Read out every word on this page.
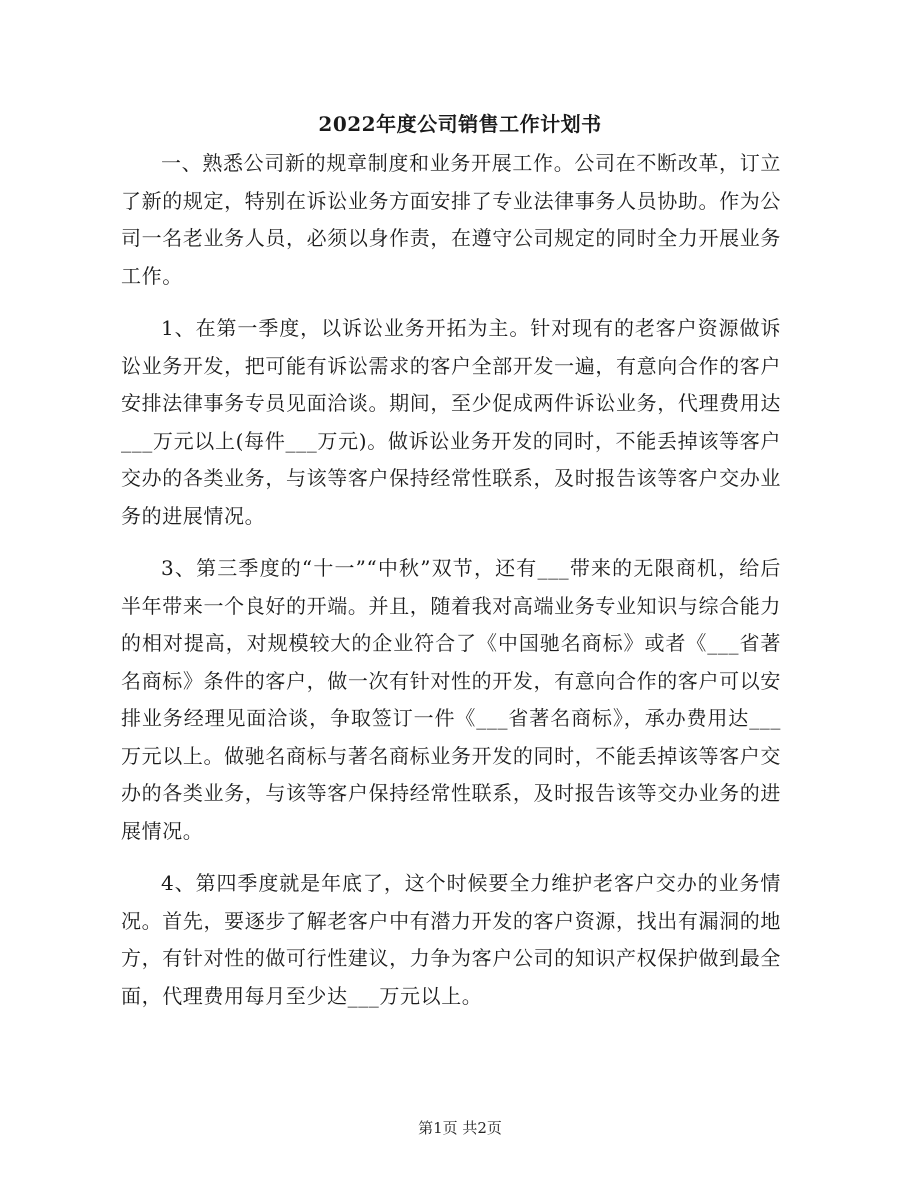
2022年度公司销售工作计划书

一、熟悉公司新的规章制度和业务开展工作。公司在不断改革，订立了新的规定，特别在诉讼业务方面安排了专业法律事务人员协助。作为公司一名老业务人员，必须以身作责，在遵守公司规定的同时全力开展业务工作。

1、在第一季度，以诉讼业务开拓为主。针对现有的老客户资源做诉讼业务开发，把可能有诉讼需求的客户全部开发一遍，有意向合作的客户安排法律事务专员见面洽谈。期间，至少促成两件诉讼业务，代理费用达___万元以上(每件___万元)。做诉讼业务开发的同时，不能丢掉该等客户交办的各类业务，与该等客户保持经常性联系，及时报告该等客户交办业务的进展情况。

3、第三季度的“十一”“中秋”双节，还有___带来的无限商机，给后半年带来一个良好的开端。并且，随着我对高端业务专业知识与综合能力的相对提高，对规模较大的企业符合了《中国驰名商标》或者《___省著名商标》条件的客户，做一次有针对性的开发，有意向合作的客户可以安排业务经理见面洽谈，争取签订一件《___省著名商标》，承办费用达___万元以上。做驰名商标与著名商标业务开发的同时，不能丢掉该等客户交办的各类业务，与该等客户保持经常性联系，及时报告该等交办业务的进展情况。

4、第四季度就是年底了，这个时候要全力维护老客户交办的业务情况。首先，要逐步了解老客户中有潜力开发的客户资源，找出有漏洞的地方，有针对性的做可行性建议，力争为客户公司的知识产权保护做到最全面，代理费用每月至少达___万元以上。

第1页 共2页
